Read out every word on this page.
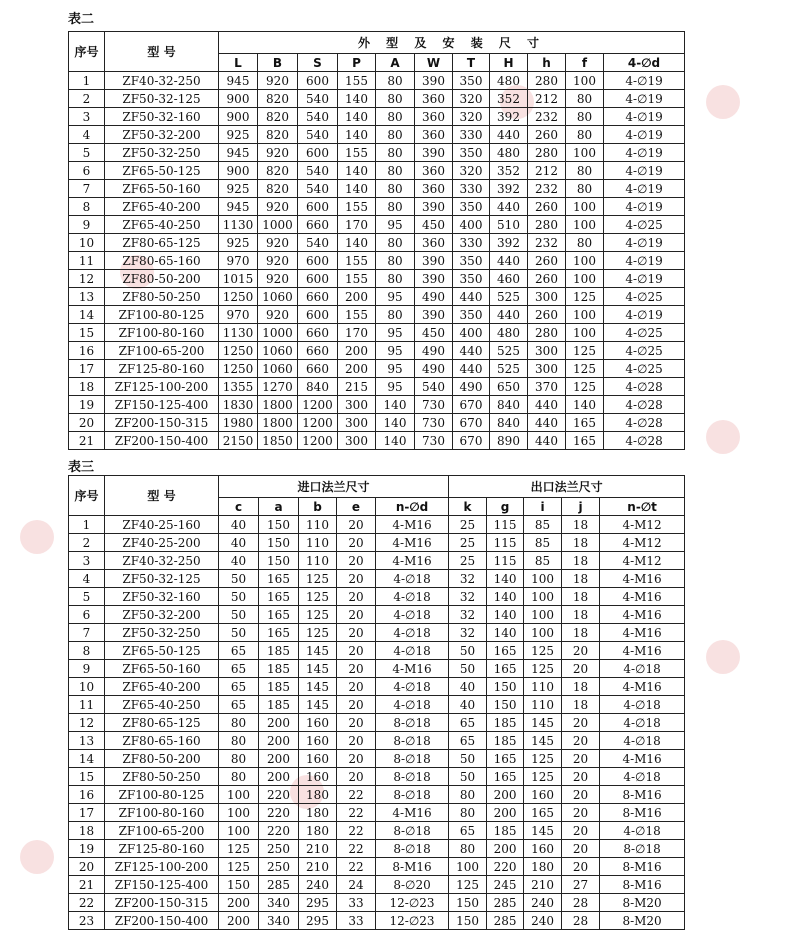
表二
序号	型 号	外 型 及 安 装 尺 寸										
		L	B	S	P	A	W	T	H	h	f	4-∅d
1	ZF40-32-250	945	920	600	155	80	390	350	480	280	100	4-∅19
2	ZF50-32-125	900	820	540	140	80	360	320	352	212	80	4-∅19
3	ZF50-32-160	900	820	540	140	80	360	320	392	232	80	4-∅19
4	ZF50-32-200	925	820	540	140	80	360	330	440	260	80	4-∅19
5	ZF50-32-250	945	920	600	155	80	390	350	480	280	100	4-∅19
6	ZF65-50-125	900	820	540	140	80	360	320	352	212	80	4-∅19
7	ZF65-50-160	925	820	540	140	80	360	330	392	232	80	4-∅19
8	ZF65-40-200	945	920	600	155	80	390	350	440	260	100	4-∅19
9	ZF65-40-250	1130	1000	660	170	95	450	400	510	280	100	4-∅25
10	ZF80-65-125	925	920	540	140	80	360	330	392	232	80	4-∅19
11	ZF80-65-160	970	920	600	155	80	390	350	440	260	100	4-∅19
12	ZF80-50-200	1015	920	600	155	80	390	350	460	260	100	4-∅19
13	ZF80-50-250	1250	1060	660	200	95	490	440	525	300	125	4-∅25
14	ZF100-80-125	970	920	600	155	80	390	350	440	260	100	4-∅19
15	ZF100-80-160	1130	1000	660	170	95	450	400	480	280	100	4-∅25
16	ZF100-65-200	1250	1060	660	200	95	490	440	525	300	125	4-∅25
17	ZF125-80-160	1250	1060	660	200	95	490	440	525	300	125	4-∅25
18	ZF125-100-200	1355	1270	840	215	95	540	490	650	370	125	4-∅28
19	ZF150-125-400	1830	1800	1200	300	140	730	670	840	440	140	4-∅28
20	ZF200-150-315	1980	1800	1200	300	140	730	670	840	440	165	4-∅28
21	ZF200-150-400	2150	1850	1200	300	140	730	670	890	440	165	4-∅28
表三
序号	型 号	进口法兰尺寸					出口法兰尺寸				
		c	a	b	e	n-∅d	k	g	i	j	n-∅t
1	ZF40-25-160	40	150	110	20	4-M16	25	115	85	18	4-M12
2	ZF40-25-200	40	150	110	20	4-M16	25	115	85	18	4-M12
3	ZF40-32-250	40	150	110	20	4-M16	25	115	85	18	4-M12
4	ZF50-32-125	50	165	125	20	4-∅18	32	140	100	18	4-M16
5	ZF50-32-160	50	165	125	20	4-∅18	32	140	100	18	4-M16
6	ZF50-32-200	50	165	125	20	4-∅18	32	140	100	18	4-M16
7	ZF50-32-250	50	165	125	20	4-∅18	32	140	100	18	4-M16
8	ZF65-50-125	65	185	145	20	4-∅18	50	165	125	20	4-M16
9	ZF65-50-160	65	185	145	20	4-M16	50	165	125	20	4-∅18
10	ZF65-40-200	65	185	145	20	4-∅18	40	150	110	18	4-M16
11	ZF65-40-250	65	185	145	20	4-∅18	40	150	110	18	4-∅18
12	ZF80-65-125	80	200	160	20	8-∅18	65	185	145	20	4-∅18
13	ZF80-65-160	80	200	160	20	8-∅18	65	185	145	20	4-∅18
14	ZF80-50-200	80	200	160	20	8-∅18	50	165	125	20	4-M16
15	ZF80-50-250	80	200	160	20	8-∅18	50	165	125	20	4-∅18
16	ZF100-80-125	100	220	180	22	8-∅18	80	200	160	20	8-M16
17	ZF100-80-160	100	220	180	22	4-M16	80	200	165	20	8-M16
18	ZF100-65-200	100	220	180	22	8-∅18	65	185	145	20	4-∅18
19	ZF125-80-160	125	250	210	22	8-∅18	80	200	160	20	8-∅18
20	ZF125-100-200	125	250	210	22	8-M16	100	220	180	20	8-M16
21	ZF150-125-400	150	285	240	24	8-∅20	125	245	210	27	8-M16
22	ZF200-150-315	200	340	295	33	12-∅23	150	285	240	28	8-M20
23	ZF200-150-400	200	340	295	33	12-∅23	150	285	240	28	8-M20
